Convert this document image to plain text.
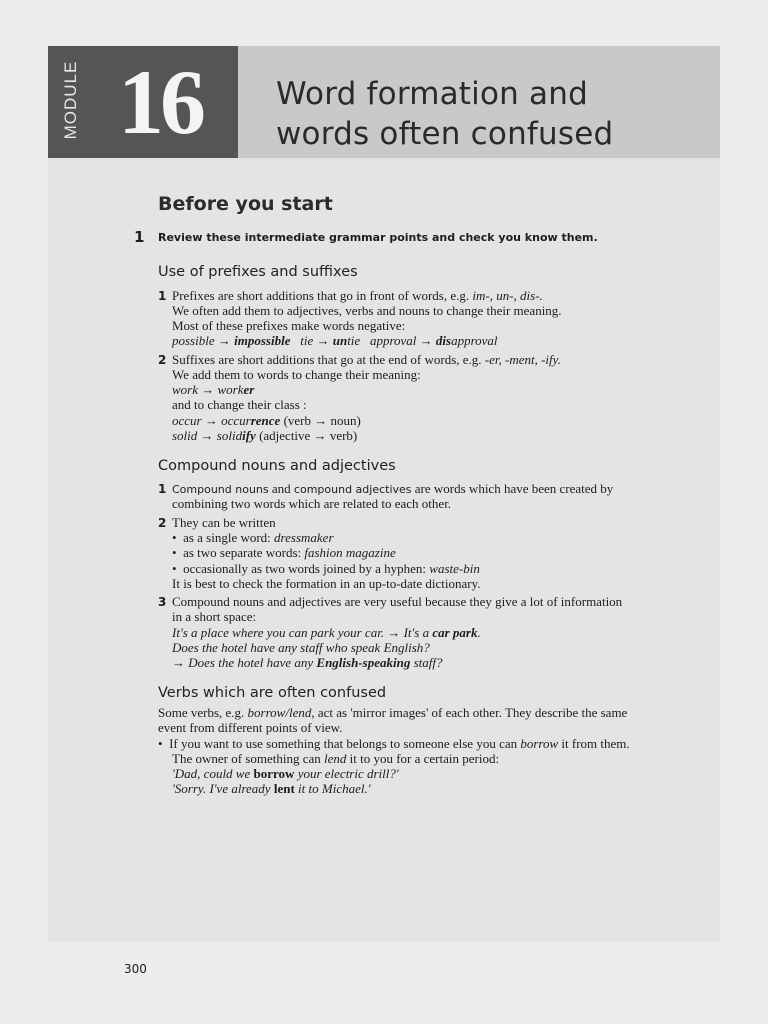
MODULE 16 Word formation and
words often confused
Before you start
1 Review these intermediate grammar points and check you know them.
Use of prefixes and suffixes
1 Prefixes are short additions that go in front of words, e.g. im-, un-, dis-.
We often add them to adjectives, verbs and nouns to change their meaning.
Most of these prefixes make words negative:
possible → impossible tie → untie approval → disapproval
2 Suffixes are short additions that go at the end of words, e.g. -er, -ment, -ify.
We add them to words to change their meaning:
work → worker
and to change their class :
occur → occurrence (verb → noun)
solid → solidify (adjective → verb)
Compound nouns and adjectives
1 Compound nouns and compound adjectives are words which have been created by
combining two words which are related to each other.
2 They can be written
• as a single word: dressmaker
• as two separate words: fashion magazine
• occasionally as two words joined by a hyphen: waste-bin
It is best to check the formation in an up-to-date dictionary.
3 Compound nouns and adjectives are very useful because they give a lot of information
in a short space:
It's a place where you can park your car. → It's a car park.
Does the hotel have any staff who speak English?
→ Does the hotel have any English-speaking staff?
Verbs which are often confused
Some verbs, e.g. borrow/lend, act as 'mirror images' of each other. They describe the same
event from different points of view.
• If you want to use something that belongs to someone else you can borrow it from them.
The owner of something can lend it to you for a certain period:
'Dad, could we borrow your electric drill?'
'Sorry. I've already lent it to Michael.'
300
